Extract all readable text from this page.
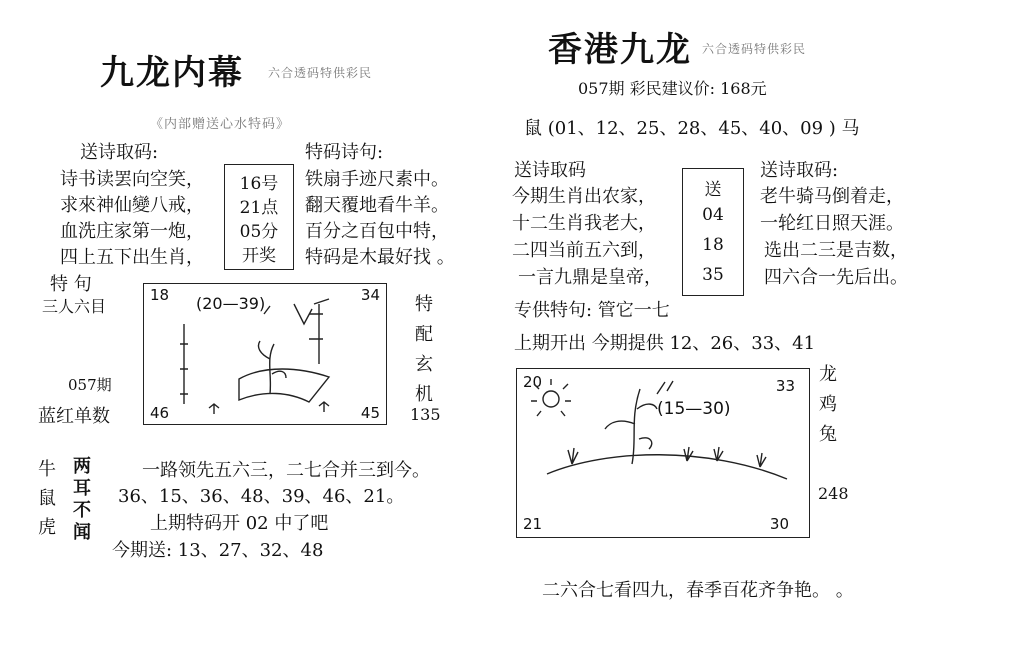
九龙内幕 六合透码特供彩民
《内部赠送心水特码》
送诗取码:
诗书读罢向空笑，
求來神仙變八戒，
血洗庄家第一炮，
四上五下出生肖，
16号
21点
05分
开奖
特码诗句:
铁扇手迹尺素中。
翻天覆地看牛羊。
百分之百包中特，
特码是木最好找 。
特 句
三人六目
057期
蓝红单数
18	34
46	45
(20—39)	特配玄机
135
牛
鼠
虎
两耳不闻
一路领先五六三，二七合并三到今。
36、15、36、48、39、46、21。
上期特码开 02 中了吧
今期送: 13、27、32、48
香港九龙 六合透码特供彩民
057期 彩民建议价: 168元
鼠 (01、12、25、28、45、40、09 ) 马
送诗取码
今期生肖出农家，
十二生肖我老大，
二四当前五六到，
一言九鼎是皇帝，
送
04
18
35
送诗取码:
老牛骑马倒着走，
一轮红日照天涯。
选出二三是吉数，
四六合一先后出。
专供特句: 管它一七
上期开出 今期提供 12、26、33、41
20	33
21	30
(15—30)
龙鸡兔
248
二六合七看四九，春季百花齐争艳。 。
